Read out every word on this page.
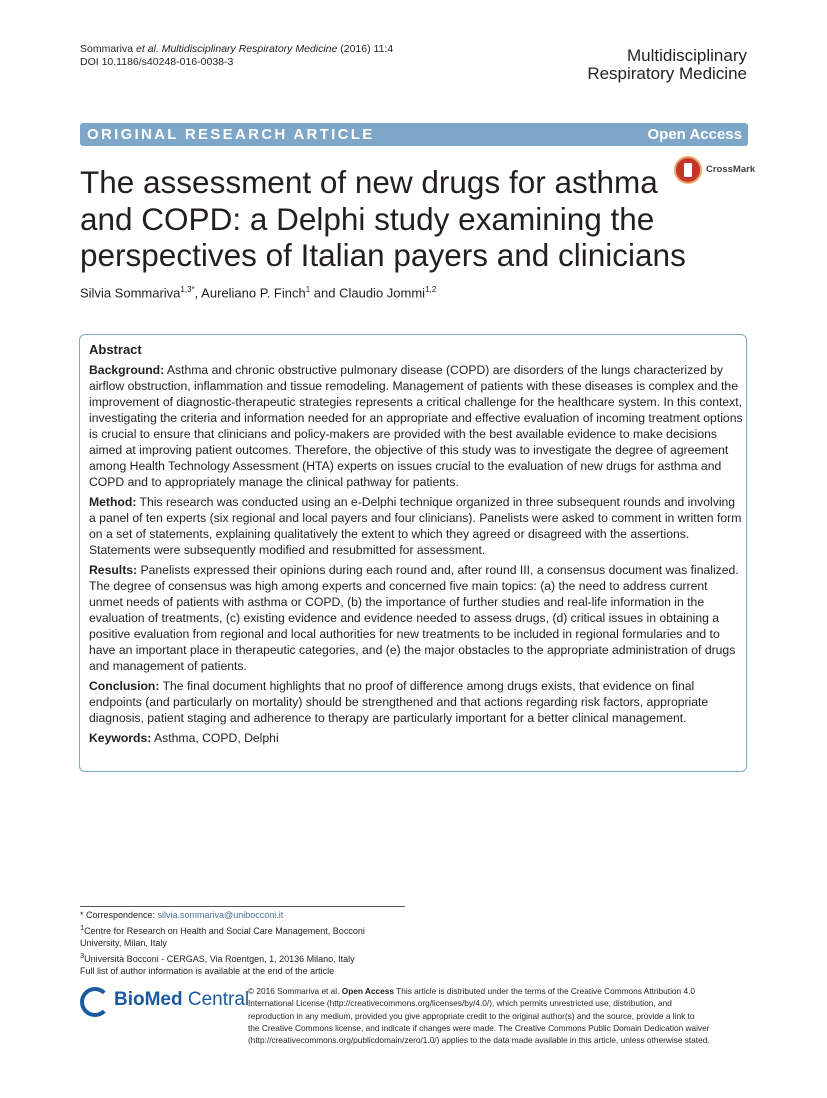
Sommariva et al. Multidisciplinary Respiratory Medicine (2016) 11:4
DOI 10.1186/s40248-016-0038-3	Multidisciplinary
Respiratory Medicine
ORIGINAL RESEARCH ARTICLE	Open Access
CrossMark
The assessment of new drugs for asthma
and COPD: a Delphi study examining the
perspectives of Italian payers and clinicians
Silvia Sommariva$^{1,3*}$, Aureliano P. Finch$^1$ and Claudio Jommi$^{1,2}$

Abstract

Background: Asthma and chronic obstructive pulmonary disease (COPD) are disorders of the lungs characterized by airflow obstruction, inflammation and tissue remodeling. Management of patients with these diseases is complex and the improvement of diagnostic-therapeutic strategies represents a critical challenge for the healthcare system. In this context, investigating the criteria and information needed for an appropriate and effective evaluation of incoming treatment options is crucial to ensure that clinicians and policy-makers are provided with the best available evidence to make decisions aimed at improving patient outcomes. Therefore, the objective of this study was to investigate the degree of agreement among Health Technology Assessment (HTA) experts on issues crucial to the evaluation of new drugs for asthma and COPD and to appropriately manage the clinical pathway for patients.

Method: This research was conducted using an e-Delphi technique organized in three subsequent rounds and involving a panel of ten experts (six regional and local payers and four clinicians). Panelists were asked to comment in written form on a set of statements, explaining qualitatively the extent to which they agreed or disagreed with the assertions. Statements were subsequently modified and resubmitted for assessment.

Results: Panelists expressed their opinions during each round and, after round III, a consensus document was finalized. The degree of consensus was high among experts and concerned five main topics: (a) the need to address current unmet needs of patients with asthma or COPD, (b) the importance of further studies and real-life information in the evaluation of treatments, (c) existing evidence and evidence needed to assess drugs, (d) critical issues in obtaining a positive evaluation from regional and local authorities for new treatments to be included in regional formularies and to have an important place in therapeutic categories, and (e) the major obstacles to the appropriate administration of drugs and management of patients.

Conclusion: The final document highlights that no proof of difference among drugs exists, that evidence on final endpoints (and particularly on mortality) should be strengthened and that actions regarding risk factors, appropriate diagnosis, patient staging and adherence to therapy are particularly important for a better clinical management.

Keywords: Asthma, COPD, Delphi

* Correspondence: silvia.sommariva@unibocconi.it
$^1$Centre for Research on Health and Social Care Management, Bocconi
University, Milan, Italy
$^3$Università Bocconi - CERGAS, Via Roentgen, 1, 20136 Milano, Italy
Full list of author information is available at the end of the article
BioMed Central
© 2016 Sommariva et al. Open Access This article is distributed under the terms of the Creative Commons Attribution 4.0
International License (http://creativecommons.org/licenses/by/4.0/), which permits unrestricted use, distribution, and
reproduction in any medium, provided you give appropriate credit to the original author(s) and the source, provide a link to
the Creative Commons license, and indicate if changes were made. The Creative Commons Public Domain Dedication waiver
(http://creativecommons.org/publicdomain/zero/1.0/) applies to the data made available in this article, unless otherwise stated.
